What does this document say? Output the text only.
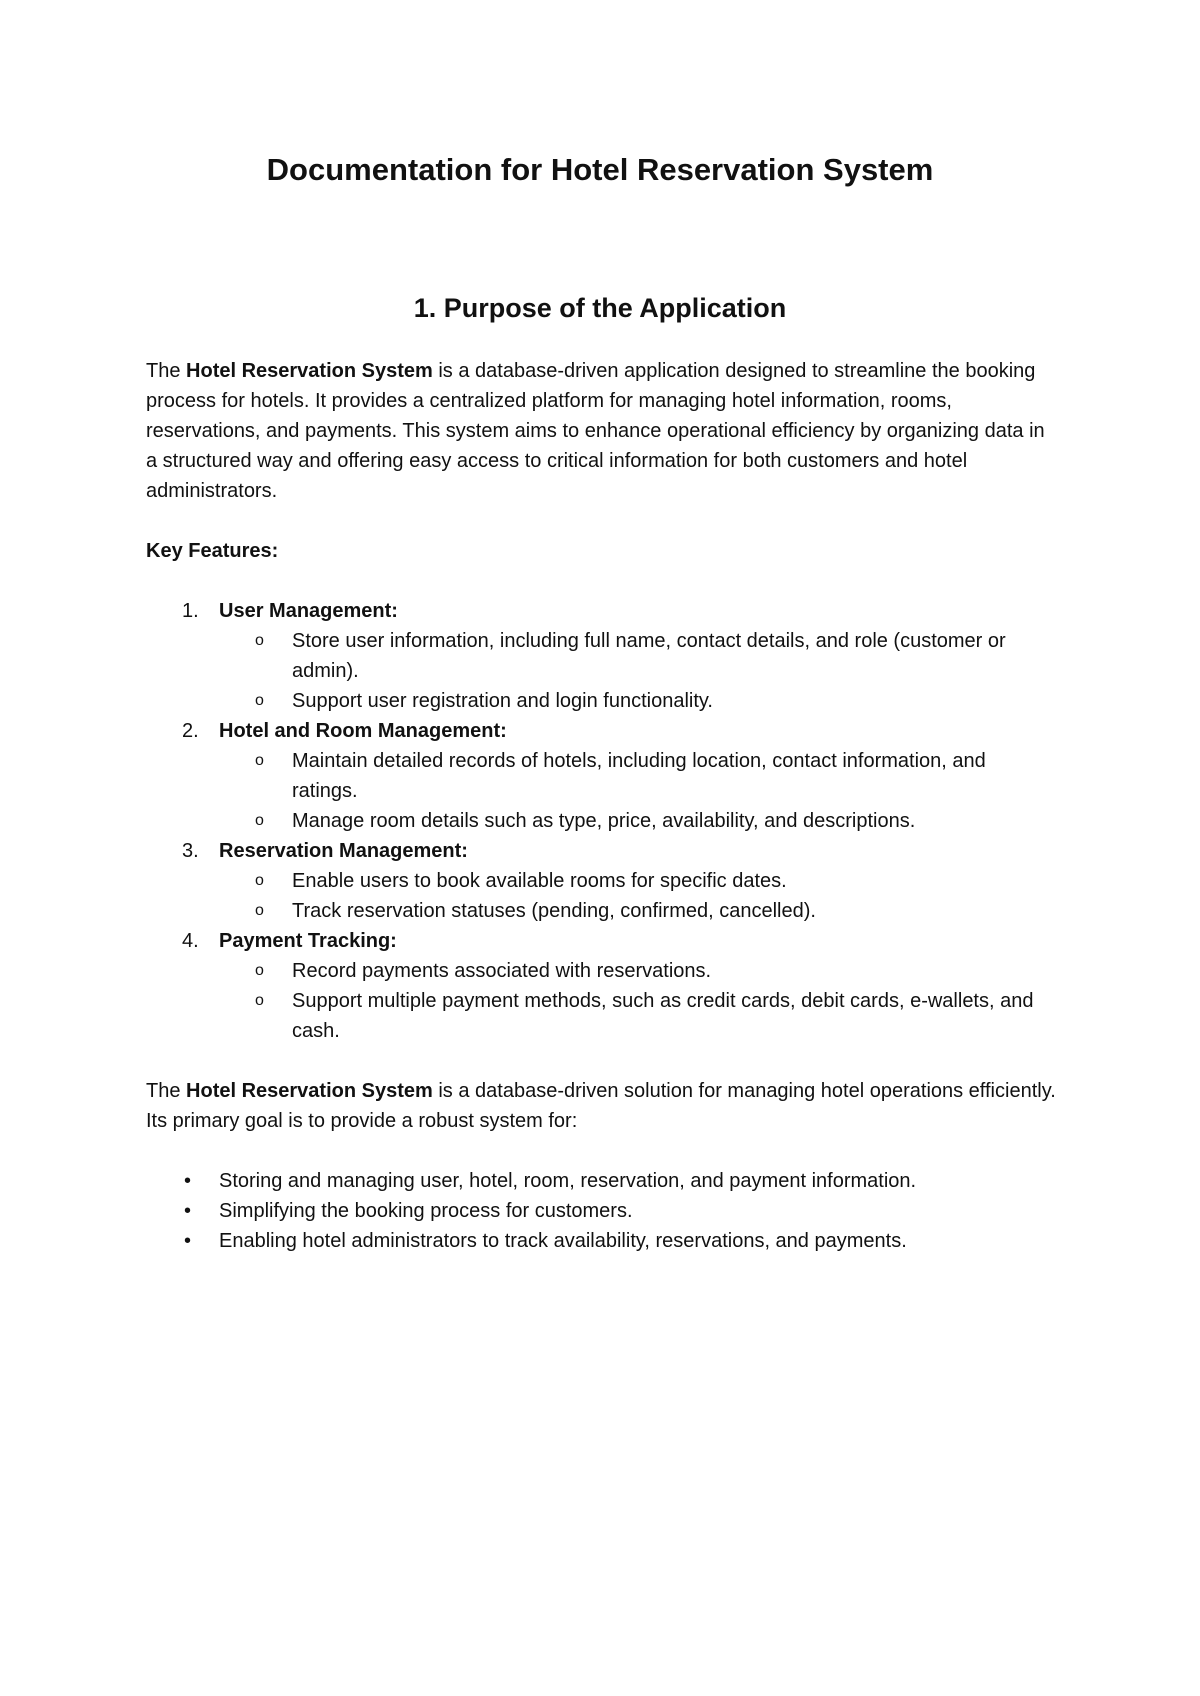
Documentation for Hotel Reservation System
1. Purpose of the Application

The Hotel Reservation System is a database-driven application designed to streamline the booking process for hotels. It provides a centralized platform for managing hotel information, rooms, reservations, and payments. This system aims to enhance operational efficiency by organizing data in a structured way and offering easy access to critical information for both customers and hotel administrators.

Key Features:

1. User Management:
o Store user information, including full name, contact details, and role (customer or admin).
o Support user registration and login functionality.
2. Hotel and Room Management:
o Maintain detailed records of hotels, including location, contact information, and ratings.
o Manage room details such as type, price, availability, and descriptions.
3. Reservation Management:
o Enable users to book available rooms for specific dates.
o Track reservation statuses (pending, confirmed, cancelled).
4. Payment Tracking:
o Record payments associated with reservations.
o Support multiple payment methods, such as credit cards, debit cards, e-wallets, and cash.

The Hotel Reservation System is a database-driven solution for managing hotel operations efficiently. Its primary goal is to provide a robust system for:

• Storing and managing user, hotel, room, reservation, and payment information.
• Simplifying the booking process for customers.
• Enabling hotel administrators to track availability, reservations, and payments.
